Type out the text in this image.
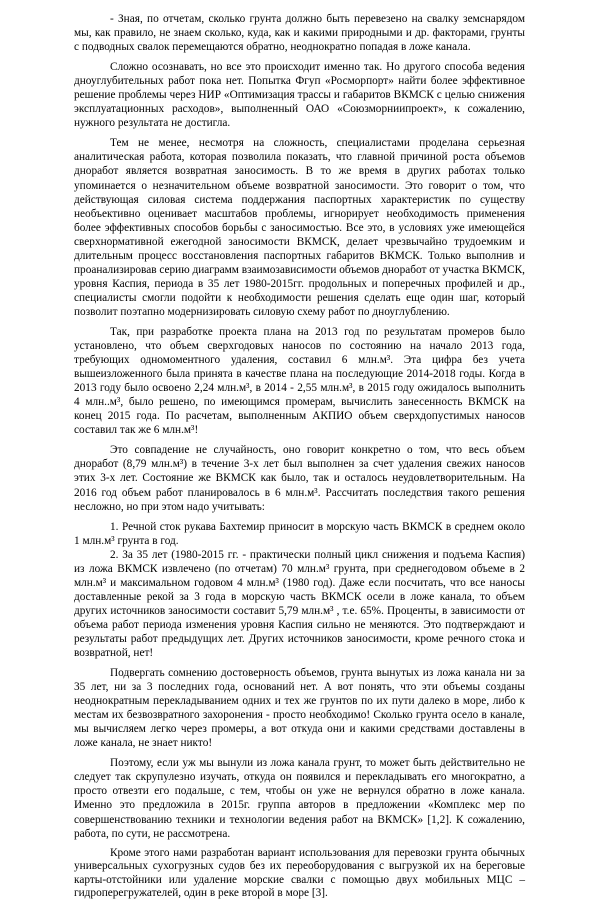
- Зная, по отчетам, сколько грунта должно быть перевезено на свалку земснарядом мы, как правило, не знаем сколько, куда, как и какими природными и др. факторами, грунты с подводных свалок перемещаются обратно, неоднократно попадая в ложе канала.

Сложно осознавать, но все это происходит именно так. Но другого способа ведения дноуглубительных работ пока нет. Попытка Фгуп «Росморпорт» найти более эффективное решение проблемы через НИР «Оптимизация трассы и габаритов ВКМСК с целью снижения эксплуатационных расходов», выполненный ОАО «Союзморниипроект», к сожалению, нужного результата не достигла.

Тем не менее, несмотря на сложность, специалистами проделана серьезная аналитическая работа, которая позволила показать, что главной причиной роста объемов дноработ является возвратная заносимость. В то же время в других работах только упоминается о незначительном объеме возвратной заносимости. Это говорит о том, что действующая силовая система поддержания паспортных характеристик по существу необъективно оценивает масштабов проблемы, игнорирует необходимость применения более эффективных способов борьбы с заносимостью. Все это, в условиях уже имеющейся сверхнормативной ежегодной заносимости ВКМСК, делает чрезвычайно трудоемким и длительным процесс восстановления паспортных габаритов ВКМСК. Только выполнив и проанализировав серию диаграмм взаимозависимости объемов дноработ от участка ВКМСК, уровня Каспия, периода в 35 лет 1980-2015гг. продольных и поперечных профилей и др., специалисты смогли подойти к необходимости решения сделать еще один шаг, который позволит поэтапно модернизировать силовую схему работ по дноуглублению.

Так, при разработке проекта плана на 2013 год по результатам промеров было установлено, что объем сверхгодовых наносов по состоянию на начало 2013 года, требующих одномоментного удаления, составил 6 млн.м³. Эта цифра без учета вышеизложенного была принята в качестве плана на последующие 2014-2018 годы. Когда в 2013 году было освоено 2,24 млн.м³, в 2014 - 2,55 млн.м³, в 2015 году ожидалось выполнить 4 млн..м³, было решено, по имеющимся промерам, вычислить занесенность ВКМСК на конец 2015 года. По расчетам, выполненным АКПИО объем сверхдопустимых наносов составил так же 6 млн.м³!

Это совпадение не случайность, оно говорит конкретно о том, что весь объем дноработ (8,79 млн.м³) в течение 3-х лет был выполнен за счет удаления свежих наносов этих 3-х лет. Состояние же ВКМСК как было, так и осталось неудовлетворительным. На 2016 год объем работ планировалось в 6 млн.м³. Рассчитать последствия такого решения несложно, но при этом надо учитывать:

1. Речной сток рукава Бахтемир приносит в морскую часть ВКМСК в среднем около 1 млн.м³ грунта в год.

2. За 35 лет (1980-2015 гг. - практически полный цикл снижения и подъема Каспия) из ложа ВКМСК извлечено (по отчетам) 70 млн.м³ грунта, при среднегодовом объеме в 2 млн.м³ и максимальном годовом 4 млн.м³ (1980 год). Даже если посчитать, что все наносы доставленные рекой за 3 года в морскую часть ВКМСК осели в ложе канала, то объем других источников заносимости составит 5,79 млн.м³ , т.е. 65%. Проценты, в зависимости от объема работ периода изменения уровня Каспия сильно не меняются. Это подтверждают и результаты работ предыдущих лет. Других источников заносимости, кроме речного стока и возвратной, нет!

Подвергать сомнению достоверность объемов, грунта вынутых из ложа канала ни за 35 лет, ни за 3 последних года, оснований нет. А вот понять, что эти объемы созданы неоднократным перекладыванием одних и тех же грунтов по их пути далеко в море, либо к местам их безвозвратного захоронения - просто необходимо! Сколько грунта осело в канале, мы вычисляем легко через промеры, а вот откуда они и какими средствами доставлены в ложе канала, не знает никто!

Поэтому, если уж мы вынули из ложа канала грунт, то может быть действительно не следует так скрупулезно изучать, откуда он появился и перекладывать его многократно, а просто отвезти его подальше, с тем, чтобы он уже не вернулся обратно в ложе канала. Именно это предложила в 2015г. группа авторов в предложении «Комплекс мер по совершенствованию техники и технологии ведения работ на ВКМСК» [1,2]. К сожалению, работа, по сути, не рассмотрена.

Кроме этого нами разработан вариант использования для перевозки грунта обычных универсальных сухогрузных судов без их переоборудования с выгрузкой их на береговые карты-отстойники или удаление морские свалки с помощью двух мобильных МЦС – гидроперегружателей, один в реке второй в море [3].
